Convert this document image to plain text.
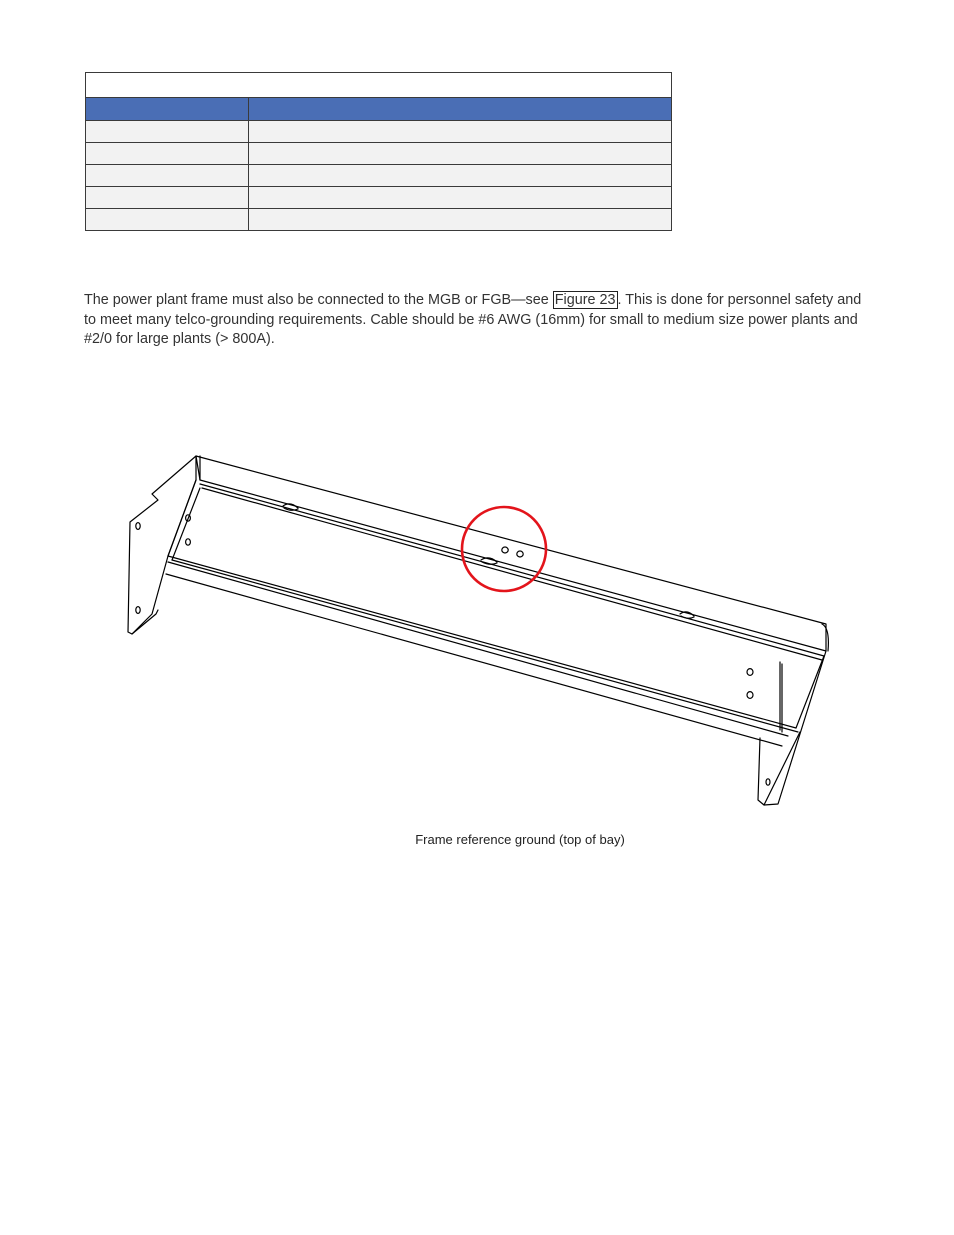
The power plant frame must also be connected to the MGB or FGB—see Figure 23 . This is done for personnel safety and to meet many telco-grounding requirements. Cable should be #6 AWG (16mm) for small to medium size power plants and #2/0 for large plants (> 800A).

Frame reference ground (top of bay)
